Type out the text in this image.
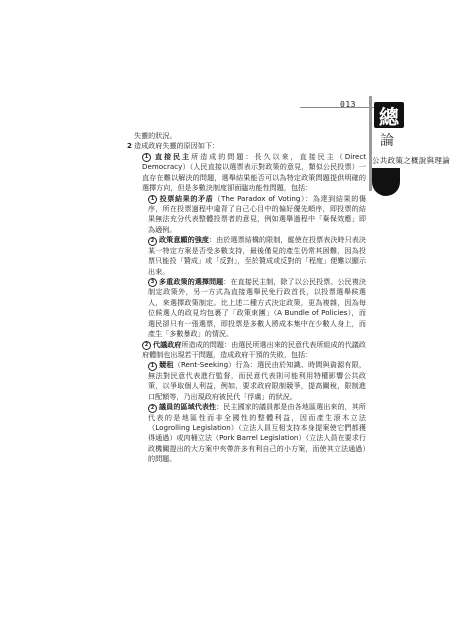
013 總
論
公共政策之概說與理論

失靈的狀況。

2 造成政府失靈的原因如下：

1 直接民主所造成的問題：長久以來，直接民主（Direct Democracy）（人民直接以選票表示對政策的意見，類似公民投票）一直存在難以解決的問題，選舉結果能否可以為特定政策問題提供明確的選擇方向，但是多數決制度卻面臨功能性問題，包括：

1 投票結果的矛盾（The Paradox of Voting）：為達到結果的傷序，所在投票過程中違背了自己心目中的偏好優先順序，即投票的結果無法充分代表整體投票者的意見，例如選舉過程中「棄保效應」即為適例。

2 政策意願的強度：由於選票結構的限制，縱使在投票表決時只表決某一特定方案是否受多數支持，最後僅見的產生仍常其困難，因為投票只能投「贊成」或「反對」，至於贊成或反對的「程度」便難以顯示出來。

3 多重政策的選擇問題：在直接民主制，除了以公民投票、公民複決制定政策外，另一方式為直接選舉民免行政首長，以投票選舉候選人，來選擇政策制定。比上述二種方式決定政策，更為複雜，因為每位候選人的政見均包裹了「政策束團」（A Bundle of Policies），而選民卻只有一張選票，即投票是多數人將成本集中在少數人身上，而產生「多數暴政」的情況。

2 代議政府所造成的問題：由選民所選出來的民意代表所組成的代議政府體制也出現若干問題，造成政府干預的失敗，包括：

1 競租（Rent-Seeking）行為：選民由於知識、時間與資源有限，無法對民意代表進行監督，而民意代表則可能利用特權影響公共政策，以爭取個人利益，例如，要求政府限制競爭，提高關稅，限制進口配額等，乃出現政府被民代「俘虜」的狀況。

2 議員的區域代表性：民主國家的議員都是由各地區選出來的，其所代表的是地區性而非全國性的整體利益，因而產生滾木立法（Logrolling Legislation）（立法人員互相支持本身提案使它們都獲得通過）或肉桶立法（Pork Barrel Legislation）（立法人員在要求行政機關提出的大方案中夾帶許多有利自己的小方案，而使其立法通過）的問題。
